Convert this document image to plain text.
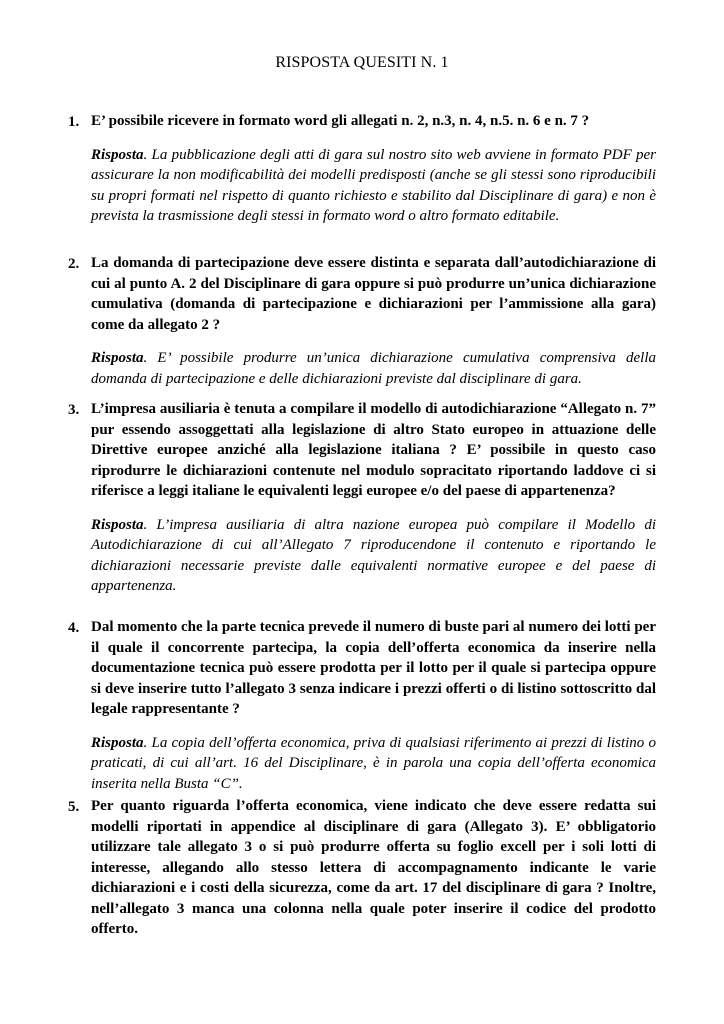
RISPOSTA QUESITI N. 1
1. E’ possibile ricevere in formato word gli allegati n. 2, n.3, n. 4, n.5. n. 6 e n. 7 ?

Risposta. La pubblicazione degli atti di gara sul nostro sito web avviene in formato PDF per assicurare la non modificabilità dei modelli predisposti (anche se gli stessi sono riproducibili su propri formati nel rispetto di quanto richiesto e stabilito dal Disciplinare di gara) e non è prevista la trasmissione degli stessi in formato word o altro formato editabile.

2. La domanda di partecipazione deve essere distinta e separata dall’autodichiarazione di cui al punto A. 2 del Disciplinare di gara oppure si può produrre un’unica dichiarazione cumulativa (domanda di partecipazione e dichiarazioni per l’ammissione alla gara) come da allegato 2 ?

Risposta. E’ possibile produrre un’unica dichiarazione cumulativa comprensiva della domanda di partecipazione e delle dichiarazioni previste dal disciplinare di gara.

3. L’impresa ausiliaria è tenuta a compilare il modello di autodichiarazione “Allegato n. 7” pur essendo assoggettati alla legislazione di altro Stato europeo in attuazione delle Direttive europee anziché alla legislazione italiana ? E’ possibile in questo caso riprodurre le dichiarazioni contenute nel modulo sopracitato riportando laddove ci si riferisce a leggi italiane le equivalenti leggi europee e/o del paese di appartenenza?

Risposta. L’impresa ausiliaria di altra nazione europea può compilare il Modello di Autodichiarazione di cui all’Allegato 7 riproducendone il contenuto e riportando le dichiarazioni necessarie previste dalle equivalenti normative europee e del paese di appartenenza.

4. Dal momento che la parte tecnica prevede il numero di buste pari al numero dei lotti per il quale il concorrente partecipa, la copia dell’offerta economica da inserire nella documentazione tecnica può essere prodotta per il lotto per il quale si partecipa oppure si deve inserire tutto l’allegato 3 senza indicare i prezzi offerti o di listino sottoscritto dal legale rappresentante ?

Risposta. La copia dell’offerta economica, priva di qualsiasi riferimento ai prezzi di listino o praticati, di cui all’art. 16 del Disciplinare, è in parola una copia dell’offerta economica inserita nella Busta “C”.

5. Per quanto riguarda l’offerta economica, viene indicato che deve essere redatta sui modelli riportati in appendice al disciplinare di gara (Allegato 3). E’ obbligatorio utilizzare tale allegato 3 o si può produrre offerta su foglio excell per i soli lotti di interesse, allegando allo stesso lettera di accompagnamento indicante le varie dichiarazioni e i costi della sicurezza, come da art. 17 del disciplinare di gara ? Inoltre, nell’allegato 3 manca una colonna nella quale poter inserire il codice del prodotto offerto.
